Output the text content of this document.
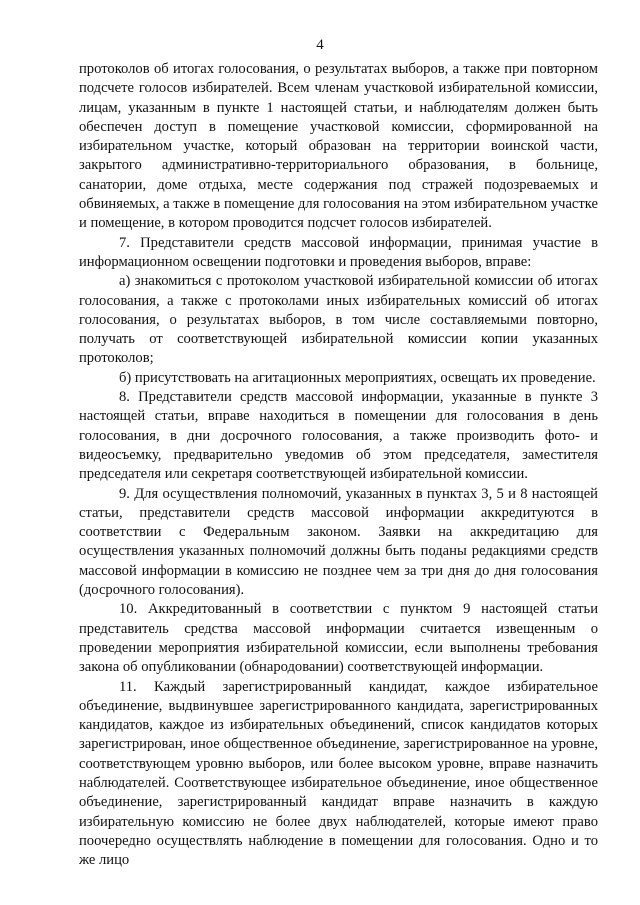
4

протоколов об итогах голосования, о результатах выборов, а также при повторном подсчете голосов избирателей. Всем членам участковой избирательной комиссии, лицам, указанным в пункте 1 настоящей статьи, и наблюдателям должен быть обеспечен доступ в помещение участковой комиссии, сформированной на избирательном участке, который образован на территории воинской части, закрытого административно-территориального образования, в больнице, санатории, доме отдыха, месте содержания под стражей подозреваемых и обвиняемых, а также в помещение для голосования на этом избирательном участке и помещение, в котором проводится подсчет голосов избирателей.

7. Представители средств массовой информации, принимая участие в информационном освещении подготовки и проведения выборов, вправе:

а) знакомиться с протоколом участковой избирательной комиссии об итогах голосования, а также с протоколами иных избирательных комиссий об итогах голосования, о результатах выборов, в том числе составляемыми повторно, получать от соответствующей избирательной комиссии копии указанных протоколов;

б) присутствовать на агитационных мероприятиях, освещать их проведение.

8. Представители средств массовой информации, указанные в пункте 3 настоящей статьи, вправе находиться в помещении для голосования в день голосования, в дни досрочного голосования, а также производить фото- и видеосъемку, предварительно уведомив об этом председателя, заместителя председателя или секретаря соответствующей избирательной комиссии.

9. Для осуществления полномочий, указанных в пунктах 3, 5 и 8 настоящей статьи, представители средств массовой информации аккредитуются в соответствии с Федеральным законом. Заявки на аккредитацию для осуществления указанных полномочий должны быть поданы редакциями средств массовой информации в комиссию не позднее чем за три дня до дня голосования (досрочного голосования).

10. Аккредитованный в соответствии с пунктом 9 настоящей статьи представитель средства массовой информации считается извещенным о проведении мероприятия избирательной комиссии, если выполнены требования закона об опубликовании (обнародовании) соответствующей информации.

11. Каждый зарегистрированный кандидат, каждое избирательное объединение, выдвинувшее зарегистрированного кандидата, зарегистрированных кандидатов, каждое из избирательных объединений, список кандидатов которых зарегистрирован, иное общественное объединение, зарегистрированное на уровне, соответствующем уровню выборов, или более высоком уровне, вправе назначить наблюдателей. Соответствующее избирательное объединение, иное общественное объединение, зарегистрированный кандидат вправе назначить в каждую избирательную комиссию не более двух наблюдателей, которые имеют право поочередно осуществлять наблюдение в помещении для голосования. Одно и то же лицо
